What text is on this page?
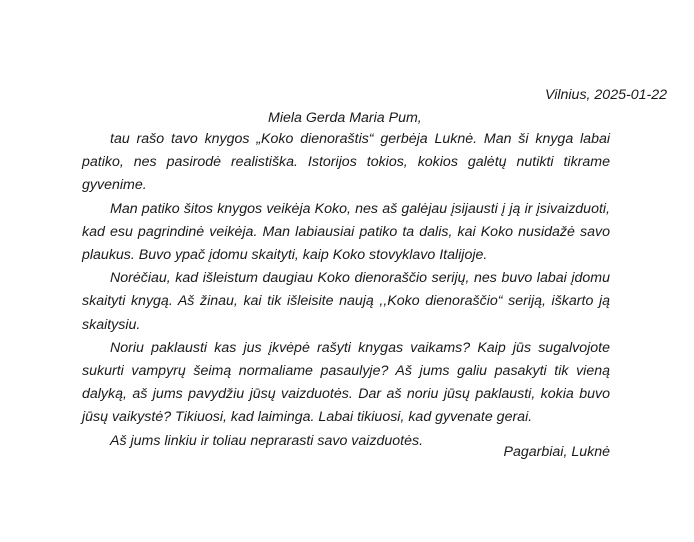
Vilnius, 2025-01-22
Miela Gerda Maria Pum,
tau rašo tavo knygos „Koko dienoraštis“ gerbėja Luknė. Man ši knyga labai
patiko, nes pasirodė realistiška. Istorijos tokios, kokios galėtų nutikti tikrame
gyvenime.
Man patiko šitos knygos veikėja Koko, nes aš galėjau įsijausti į ją ir įsivaizduoti,
kad esu pagrindinė veikėja. Man labiausiai patiko ta dalis, kai Koko nusidažė savo
plaukus. Buvo ypač įdomu skaityti, kaip Koko stovyklavo Italijoje.
Norėčiau, kad išleistum daugiau Koko dienoraščio serijų, nes buvo labai įdomu
skaityti knygą. Aš žinau, kai tik išleisite naują ,,Koko dienoraščio“ seriją, iškarto ją
skaitysiu.
Noriu paklausti kas jus įkvėpė rašyti knygas vaikams? Kaip jūs sugalvojote
sukurti vampyrų šeimą normaliame pasaulyje? Aš jums galiu pasakyti tik vieną
dalyką, aš jums pavydžiu jūsų vaizduotės. Dar aš noriu jūsų paklausti, kokia buvo
jūsų vaikystė? Tikiuosi, kad laiminga. Labai tikiuosi, kad gyvenate gerai.
Aš jums linkiu ir toliau neprarasti savo vaizduotės.
Pagarbiai, Luknė
